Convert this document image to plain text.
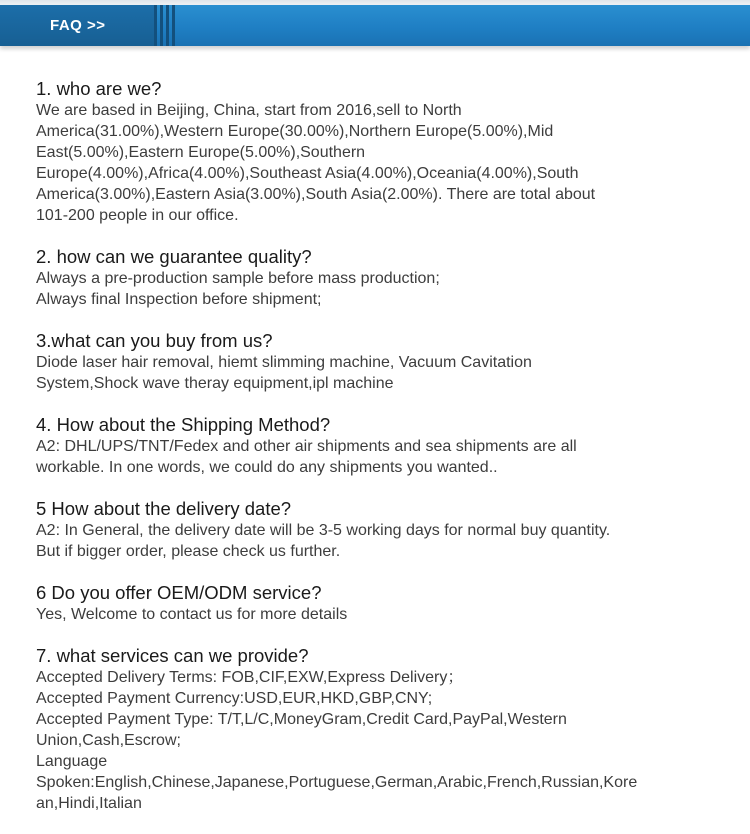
FAQ >>
1. who are we?
We are based in Beijing, China, start from 2016,sell to North
America(31.00%),Western Europe(30.00%),Northern Europe(5.00%),Mid
East(5.00%),Eastern Europe(5.00%),Southern
Europe(4.00%),Africa(4.00%),Southeast Asia(4.00%),Oceania(4.00%),South
America(3.00%),Eastern Asia(3.00%),South Asia(2.00%). There are total about
101-200 people in our office.
2. how can we guarantee quality?
Always a pre-production sample before mass production;
Always final Inspection before shipment;
3.what can you buy from us?
Diode laser hair removal, hiemt slimming machine, Vacuum Cavitation
System,Shock wave theray equipment,ipl machine
4. How about the Shipping Method?
A2: DHL/UPS/TNT/Fedex and other air shipments and sea shipments are all
workable. In one words, we could do any shipments you wanted..
5 How about the delivery date?
A2: In General, the delivery date will be 3-5 working days for normal buy quantity.
But if bigger order, please check us further.
6 Do you offer OEM/ODM service?
Yes, Welcome to contact us for more details
7. what services can we provide?
Accepted Delivery Terms: FOB,CIF,EXW,Express Delivery；
Accepted Payment Currency:USD,EUR,HKD,GBP,CNY;
Accepted Payment Type: T/T,L/C,MoneyGram,Credit Card,PayPal,Western
Union,Cash,Escrow;
Language
Spoken:English,Chinese,Japanese,Portuguese,German,Arabic,French,Russian,Kore
an,Hindi,Italian
